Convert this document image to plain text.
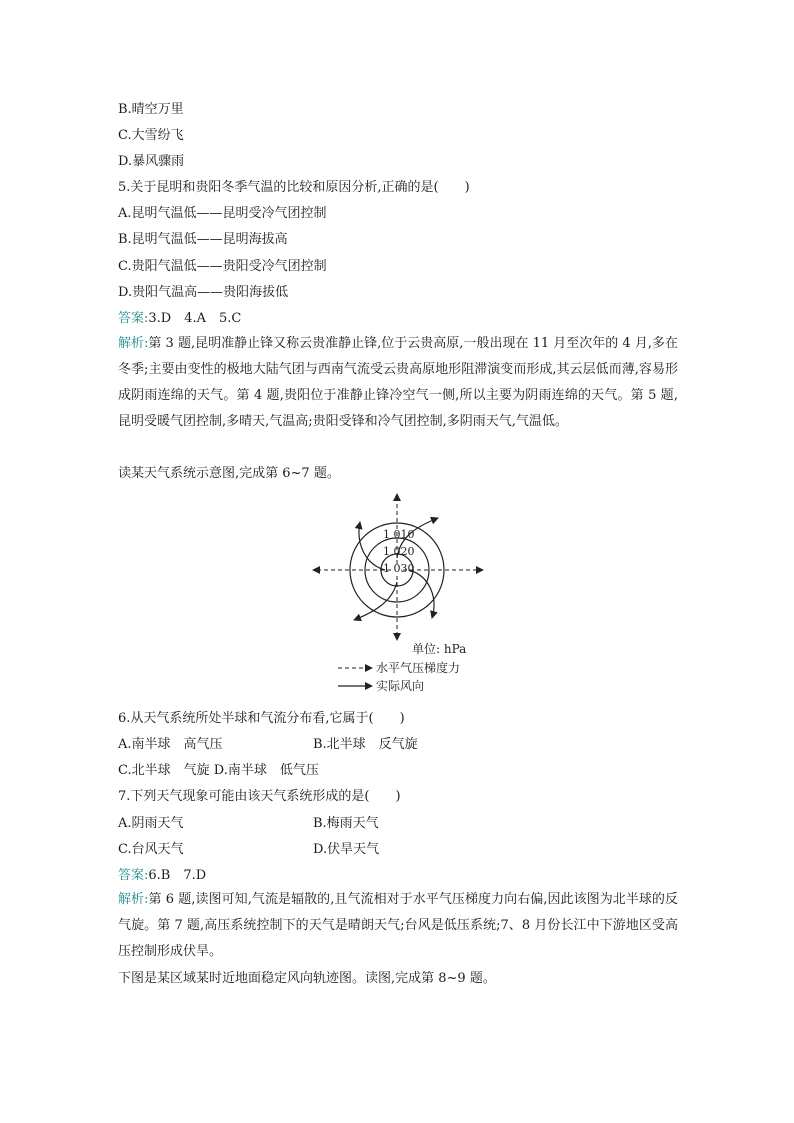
B.晴空万里
C.大雪纷飞
D.暴风骤雨
5.关于昆明和贵阳冬季气温的比较和原因分析,正确的是(　　)
A.昆明气温低——昆明受冷气团控制
B.昆明气温低——昆明海拔高
C.贵阳气温低——贵阳受冷气团控制
D.贵阳气温高——贵阳海拔低
答案:3.D　4.A　5.C
解析:第 3 题,昆明准静止锋又称云贵准静止锋,位于云贵高原,一般出现在 11 月至次年的 4 月,多在冬季;主要由变性的极地大陆气团与西南气流受云贵高原地形阻滞演变而形成,其云层低而薄,容易形成阴雨连绵的天气。第 4 题,贵阳位于准静止锋冷空气一侧,所以主要为阴雨连绵的天气。第 5 题,昆明受暖气团控制,多晴天,气温高;贵阳受锋和冷气团控制,多阴雨天气,气温低。
读某天气系统示意图,完成第 6~7 题。
1 010
1 020
1 030
单位: hPa
水平气压梯度力
实际风向
6.从天气系统所处半球和气流分布看,它属于(　　)
A.南半球　高气压	B.北半球　反气旋
C.北半球　气旋 D.南半球　低气压
7.下列天气现象可能由该天气系统形成的是(　　)
A.阴雨天气	B.梅雨天气
C.台风天气	D.伏旱天气
答案:6.B　7.D
解析:第 6 题,读图可知,气流是辐散的,且气流相对于水平气压梯度力向右偏,因此该图为北半球的反气旋。第 7 题,高压系统控制下的天气是晴朗天气;台风是低压系统;7、8 月份长江中下游地区受高压控制形成伏旱。
下图是某区域某时近地面稳定风向轨迹图。读图,完成第 8~9 题。
